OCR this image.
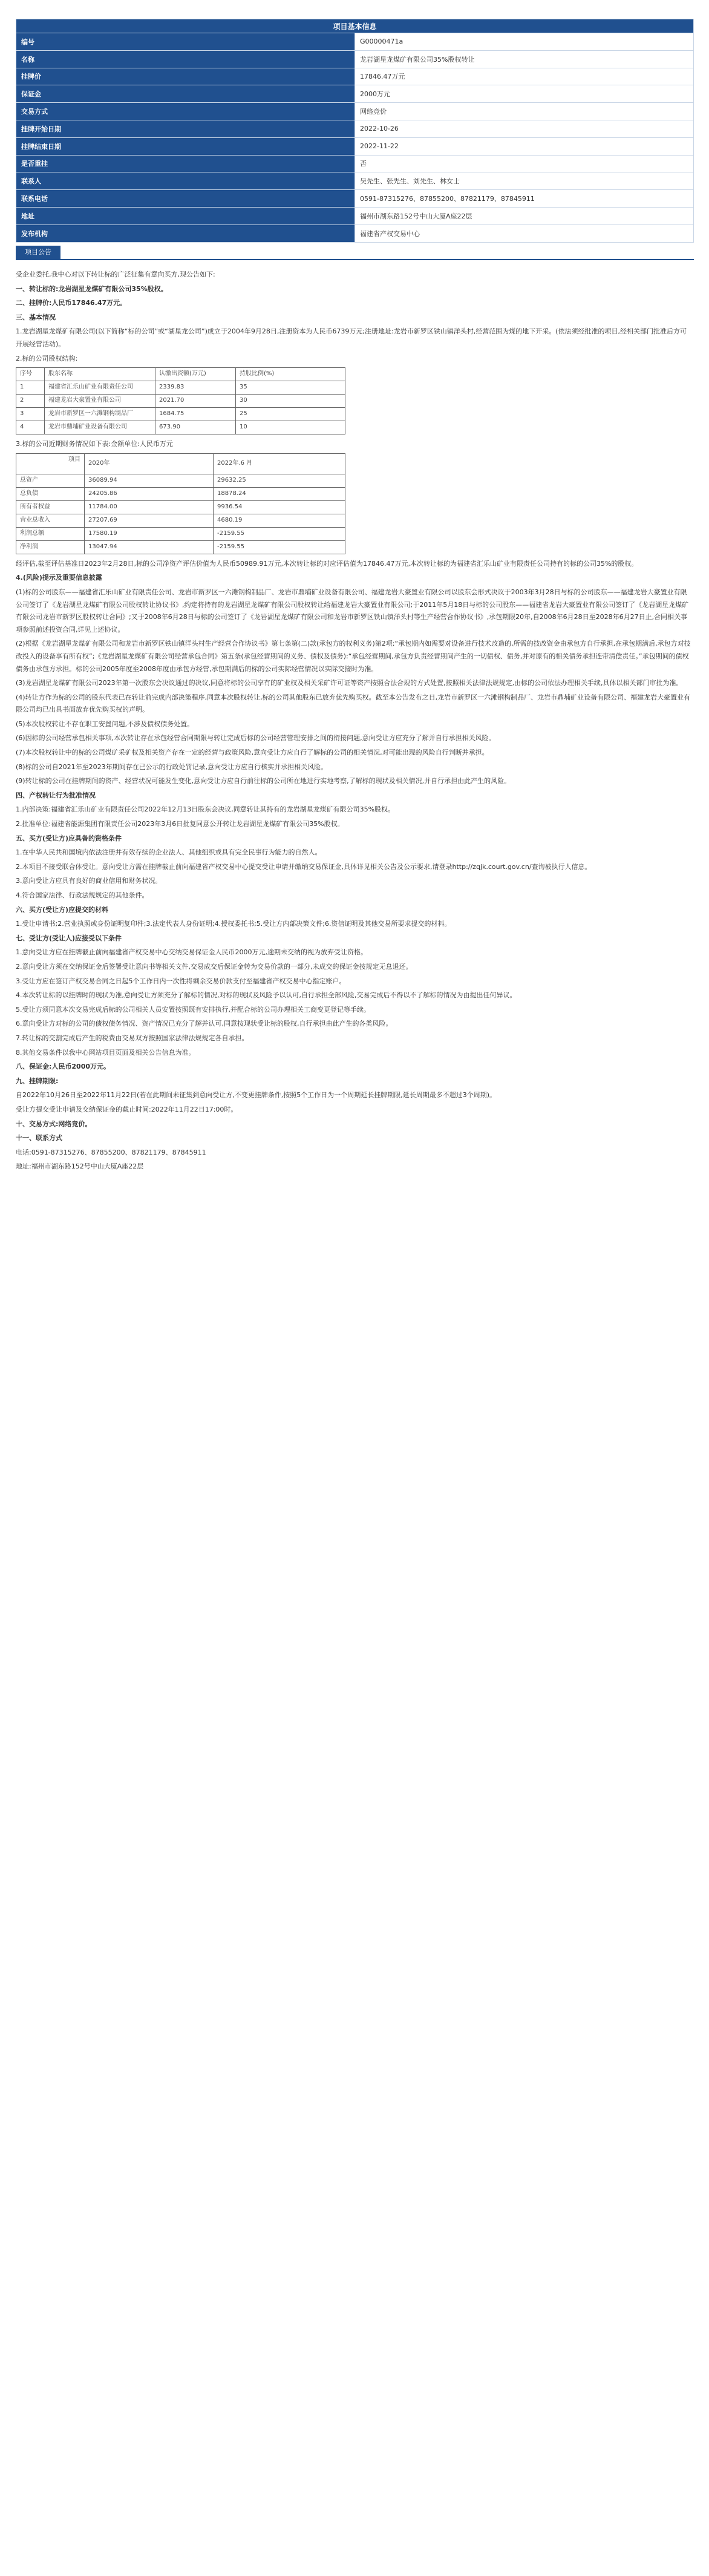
项目基本信息	
编号	G00000471a
名称	龙岩湖星龙煤矿有限公司35%股权转让
挂牌价	17846.47万元
保证金	2000万元
交易方式	网络竞价
挂牌开始日期	2022-10-26
挂牌结束日期	2022-11-22
是否重挂	否
联系人	吴先生、张先生、刘先生、林女士
联系电话	0591-87315276、87855200、87821179、87845911
地址	福州市湖东路152号中山大厦A座22层
发布机构	福建省产权交易中心
项目公告

受企业委托,我中心对以下转让标的广泛征集有意向买方,现公告如下:

一、转让标的:龙岩湖星龙煤矿有限公司35%股权。

二、挂牌价:人民币17846.47万元。

三、基本情况

1.龙岩湖星龙煤矿有限公司(以下简称“标的公司”或“湖星龙公司”)成立于2004年9月28日,注册资本为人民币6739万元;注册地址:龙岩市新罗区铁山镇洋头村,经营范围为煤的地下开采。(依法须经批准的项目,经相关部门批准后方可开展经营活动)。

2.标的公司股权结构:

序号	股东名称	认缴出资额(万元)	持股比例(%)
1	福建省汇乐山矿业有限责任公司	2339.83	35
2	福建龙岩大豪置业有限公司	2021.70	30
3	龙岩市新罗区一六滩钢构制品厂	1684.75	25
4	龙岩市鼎埔矿业设备有限公司	673.90	10

3.标的公司近期财务情况如下表:金额单位:人民币万元

项目	2020年	2022年.6 月
总资产	36089.94	29632.25
总负债	24205.86	18878.24
所有者权益	11784.00	9936.54
营业总收入	27207.69	4680.19
利润总额	17580.19	-2159.55
净利润	13047.94	-2159.55

经评估,截至评估基准日2023年2月28日,标的公司净资产评估价值为人民币50989.91万元,本次转让标的对应评估值为17846.47万元,本次转让标的为福建省汇乐山矿业有限责任公司持有的标的公司35%的股权。

4.(风险)提示及重要信息披露

(1)标的公司股东——福建省汇乐山矿业有限责任公司、龙岩市新罗区一六滩钢构制品厂、龙岩市鼎埔矿业设备有限公司、福建龙岩大豪置业有限公司以股东会形式决议于2003年3月28日与标的公司股东——福建龙岩大豪置业有限公司签订了《龙岩湖星龙煤矿有限公司股权转让协议书》,约定将持有的龙岩湖星龙煤矿有限公司股权转让给福建龙岩大豪置业有限公司;于2011年5月18日与标的公司股东——福建省龙岩大豪置业有限公司签订了《龙岩湖星龙煤矿有限公司龙岩市新罗区股权转让合同》;又于2008年6月28日与标的公司签订了《龙岩湖星龙煤矿有限公司和龙岩市新罗区铁山镇洋头村等生产经营合作协议书》,承包期限20年,自2008年6月28日至2028年6月27日止,合同相关事项参照前述投资合同,详见上述协议。

(2)根据《龙岩湖星龙煤矿有限公司和龙岩市新罗区铁山镇洋头村生产经营合作协议书》第七条第(二)款(承包方的权利义务)第2项:“承包期内如需要对设备进行技术改造的,所需的技改资金由承包方自行承担,在承包期满后,承包方对技改投入的设备享有所有权”;《龙岩湖星龙煤矿有限公司经营承包合同》第五条(承包经营期间的义务、债权及债务):“承包经营期间,承包方负责经营期间产生的一切债权、债务,并对原有的相关债务承担连带清偿责任。”承包期间的债权债务由承包方承担。标的公司2005年度至2008年度由承包方经营,承包期满后的标的公司实际经营情况以实际交接时为准。

(3)龙岩湖星龙煤矿有限公司2023年第一次股东会决议通过的决议,同意将标的公司享有的矿业权及相关采矿许可证等资产按照合法合规的方式处置,按照相关法律法规规定,由标的公司依法办理相关手续,具体以相关部门审批为准。

(4)转让方作为标的公司的股东代表已在转让前完成内部决策程序,同意本次股权转让,标的公司其他股东已放弃优先购买权。截至本公告发布之日,龙岩市新罗区一六滩钢构制品厂、龙岩市鼎埔矿业设备有限公司、福建龙岩大豪置业有限公司均已出具书面放弃优先购买权的声明。

(5)本次股权转让不存在职工安置问题,不涉及债权债务处置。

(6)因标的公司经营承包相关事项,本次转让存在承包经营合同期限与转让完成后标的公司经营管理安排之间的衔接问题,意向受让方应充分了解并自行承担相关风险。

(7)本次股权转让中的标的公司煤矿采矿权及相关资产存在一定的经营与政策风险,意向受让方应自行了解标的公司的相关情况,对可能出现的风险自行判断并承担。

(8)标的公司自2021年至2023年期间存在已公示的行政处罚记录,意向受让方应自行核实并承担相关风险。

(9)转让标的公司在挂牌期间的资产、经营状况可能发生变化,意向受让方应自行前往标的公司所在地进行实地考察,了解标的现状及相关情况,并自行承担由此产生的风险。

四、产权转让行为批准情况

1.内部决策:福建省汇乐山矿业有限责任公司2022年12月13日股东会决议,同意转让其持有的龙岩湖星龙煤矿有限公司35%股权。

2.批准单位:福建省能源集团有限责任公司2023年3月6日批复同意公开转让龙岩湖星龙煤矿有限公司35%股权。

五、买方(受让方)应具备的资格条件

1.在中华人民共和国境内依法注册并有效存续的企业法人、其他组织或具有完全民事行为能力的自然人。

2.本项目不接受联合体受让。意向受让方需在挂牌截止前向福建省产权交易中心提交受让申请并缴纳交易保证金,具体详见相关公告及公示要求,请登录http://zqjk.court.gov.cn/查询被执行人信息。

3.意向受让方应具有良好的商业信用和财务状况。

4.符合国家法律、行政法规规定的其他条件。

六、买方(受让方)应提交的材料

1.受让申请书;2.营业执照或身份证明复印件;3.法定代表人身份证明;4.授权委托书;5.受让方内部决策文件;6.资信证明及其他交易所要求提交的材料。

七、受让方(受让人)应接受以下条件

1.意向受让方应在挂牌截止前向福建省产权交易中心交纳交易保证金人民币2000万元,逾期未交纳的视为放弃受让资格。

2.意向受让方须在交纳保证金后签署受让意向书等相关文件,交易成交后保证金转为交易价款的一部分,未成交的保证金按规定无息退还。

3.受让方应在签订产权交易合同之日起5个工作日内一次性将剩余交易价款支付至福建省产权交易中心指定账户。

4.本次转让标的以挂牌时的现状为准,意向受让方须充分了解标的情况,对标的现状及风险予以认可,自行承担全部风险,交易完成后不得以不了解标的情况为由提出任何异议。

5.受让方须同意本次交易完成后标的公司相关人员安置按照既有安排执行,并配合标的公司办理相关工商变更登记等手续。

6.意向受让方对标的公司的债权债务情况、资产情况已充分了解并认可,同意按现状受让标的股权,自行承担由此产生的各类风险。

7.转让标的交割完成后产生的税费由交易双方按照国家法律法规规定各自承担。

8.其他交易条件以我中心网站项目页面及相关公告信息为准。

八、保证金:人民币2000万元。

九、挂牌期限:

自2022年10月26日至2022年11月22日(若在此期间未征集到意向受让方,不变更挂牌条件,按照5个工作日为一个周期延长挂牌期限,延长周期最多不超过3个周期)。

受让方提交受让申请及交纳保证金的截止时间:2022年11月22日17:00时。

十、交易方式:网络竞价。

十一、联系方式

电话:0591-87315276、87855200、87821179、87845911

地址:福州市湖东路152号中山大厦A座22层
